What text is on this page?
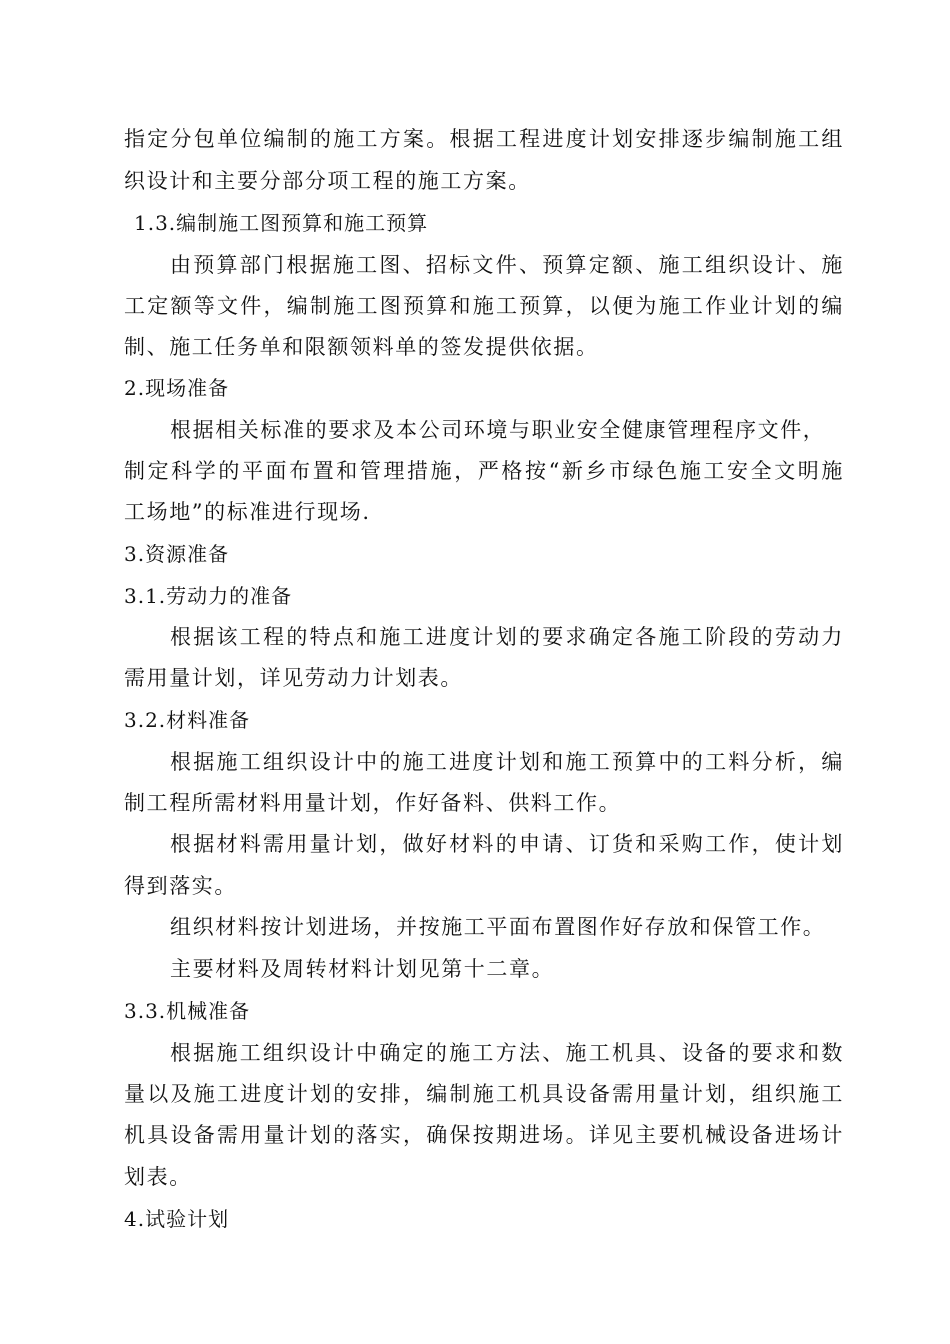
指定分包单位编制的施工方案。根据工程进度计划安排逐步编制施工组
织设计和主要分部分项工程的施工方案。
1.3.编制施工图预算和施工预算
由预算部门根据施工图、招标文件、预算定额、施工组织设计、施
工定额等文件，编制施工图预算和施工预算，以便为施工作业计划的编
制、施工任务单和限额领料单的签发提供依据。
2.现场准备
根据相关标准的要求及本公司环境与职业安全健康管理程序文件，
制定科学的平面布置和管理措施，严格按“新乡市绿色施工安全文明施
工场地”的标准进行现场.
3.资源准备
3.1.劳动力的准备
根据该工程的特点和施工进度计划的要求确定各施工阶段的劳动力
需用量计划，详见劳动力计划表。
3.2.材料准备
根据施工组织设计中的施工进度计划和施工预算中的工料分析，编
制工程所需材料用量计划，作好备料、供料工作。
根据材料需用量计划，做好材料的申请、订货和采购工作，使计划
得到落实。
组织材料按计划进场，并按施工平面布置图作好存放和保管工作。
主要材料及周转材料计划见第十二章。
3.3.机械准备
根据施工组织设计中确定的施工方法、施工机具、设备的要求和数
量以及施工进度计划的安排，编制施工机具设备需用量计划，组织施工
机具设备需用量计划的落实，确保按期进场。详见主要机械设备进场计
划表。
4.试验计划
